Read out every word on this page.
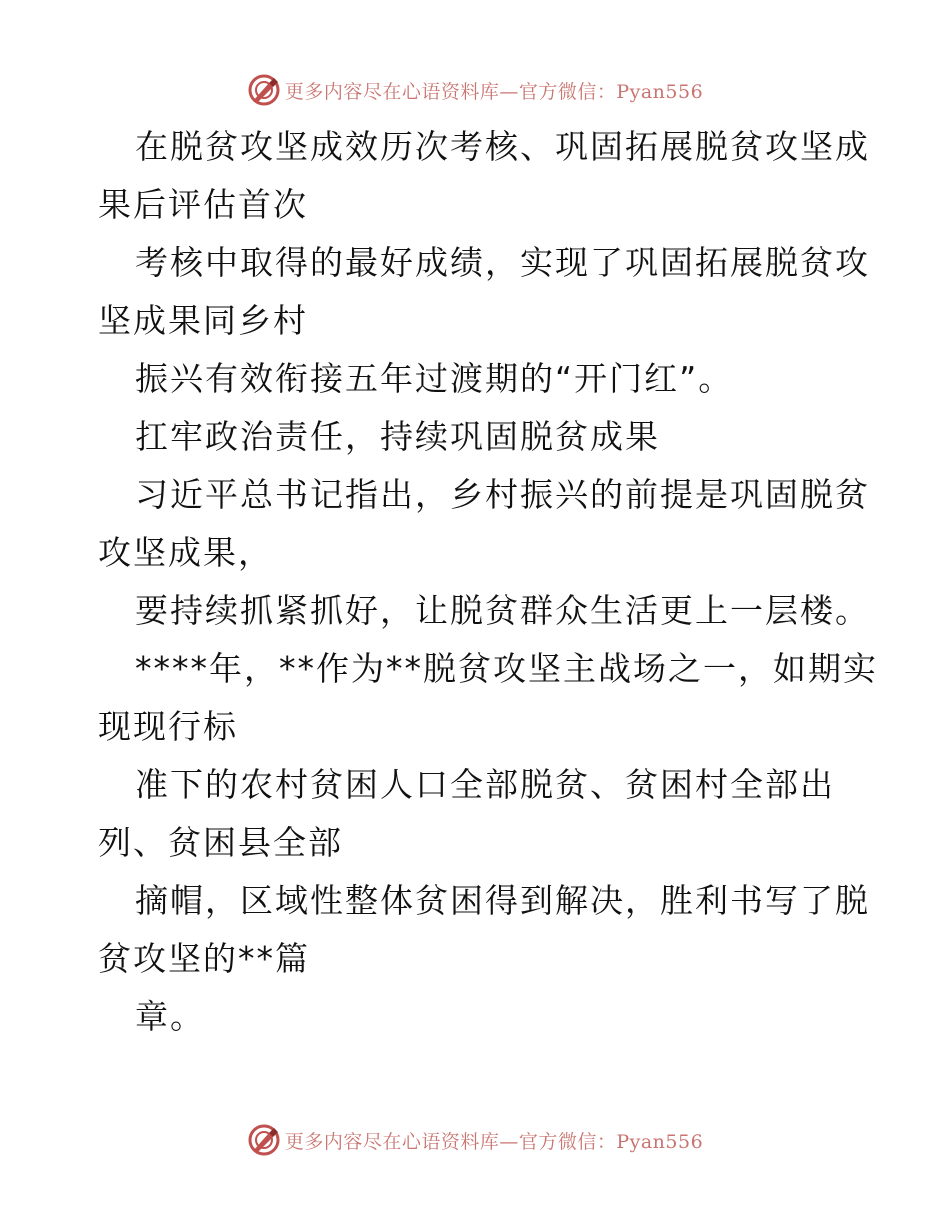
更多内容尽在心语资料库—官方微信：Pyan556

在脱贫攻坚成效历次考核、巩固拓展脱贫攻坚成

果后评估首次

考核中取得的最好成绩，实现了巩固拓展脱贫攻

坚成果同乡村

振兴有效衔接五年过渡期的“开门红”。

扛牢政治责任，持续巩固脱贫成果

习近平总书记指出，乡村振兴的前提是巩固脱贫

攻坚成果，

要持续抓紧抓好，让脱贫群众生活更上一层楼。

****年，**作为**脱贫攻坚主战场之一，如期实

现现行标

准下的农村贫困人口全部脱贫、贫困村全部出

列、贫困县全部

摘帽，区域性整体贫困得到解决，胜利书写了脱

贫攻坚的**篇

章。

更多内容尽在心语资料库—官方微信：Pyan556
